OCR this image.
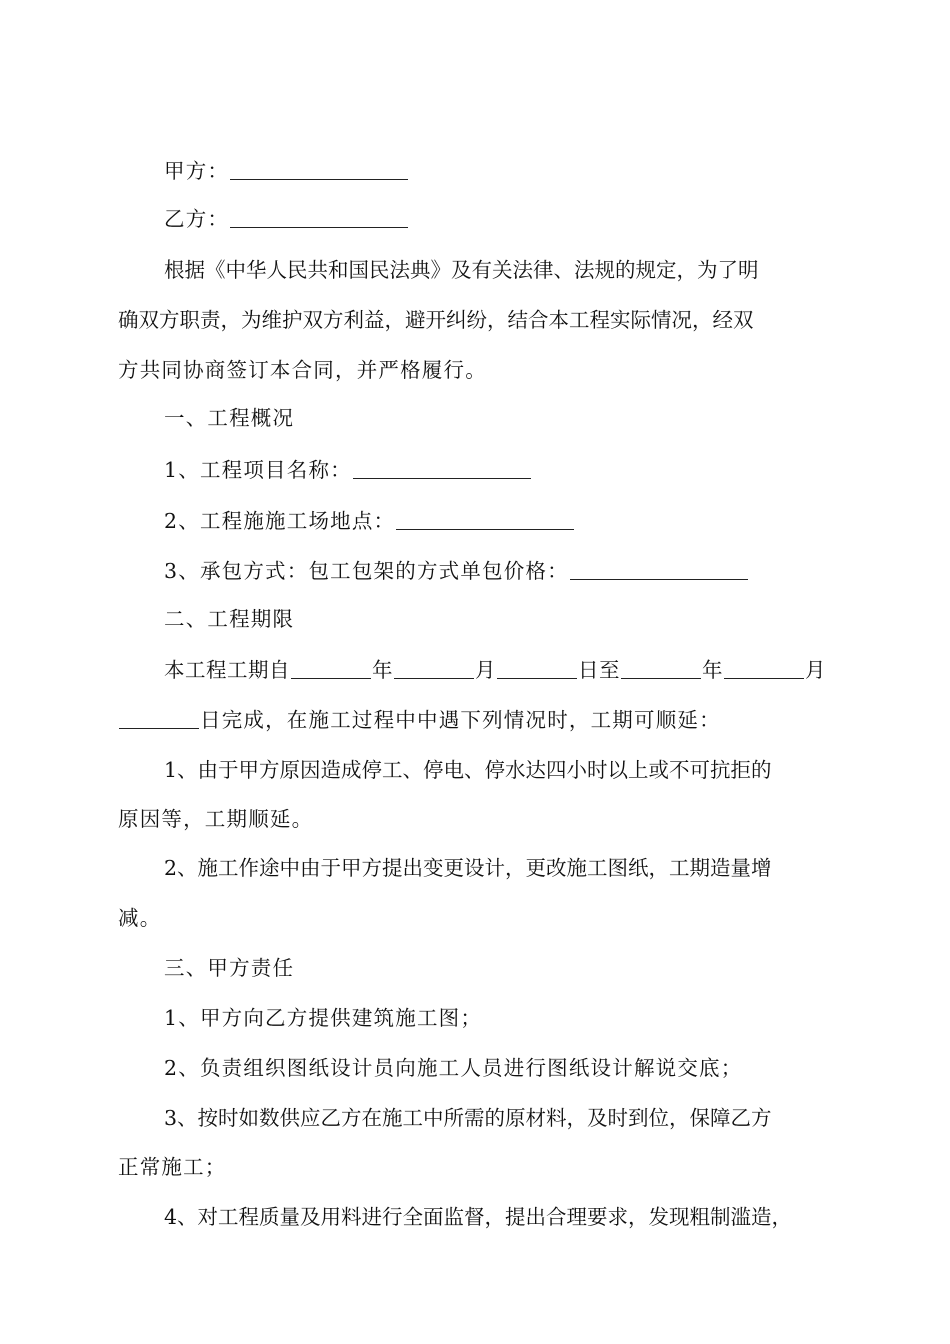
甲方：
乙方：
根据《中华人民共和国民法典》及有关法律、法规的规定，为了明
确双方职责，为维护双方利益，避开纠纷，结合本工程实际情况，经双
方共同协商签订本合同，并严格履行。
一、工程概况
1、工程项目名称：
2、工程施施工场地点：
3、承包方式：包工包架的方式单包价格：
二、工程期限
本工程工期自	年	月	日至	年	月
日完成，在施工过程中中遇下列情况时，工期可顺延：
1、由于甲方原因造成停工、停电、停水达四小时以上或不可抗拒的
原因等，工期顺延。
2、施工作途中由于甲方提出变更设计，更改施工图纸，工期造量增
减。
三、甲方责任
1、甲方向乙方提供建筑施工图；
2、负责组织图纸设计员向施工人员进行图纸设计解说交底；
3、按时如数供应乙方在施工中所需的原材料，及时到位，保障乙方
正常施工；
4、对工程质量及用料进行全面监督，提出合理要求，发现粗制滥造，
